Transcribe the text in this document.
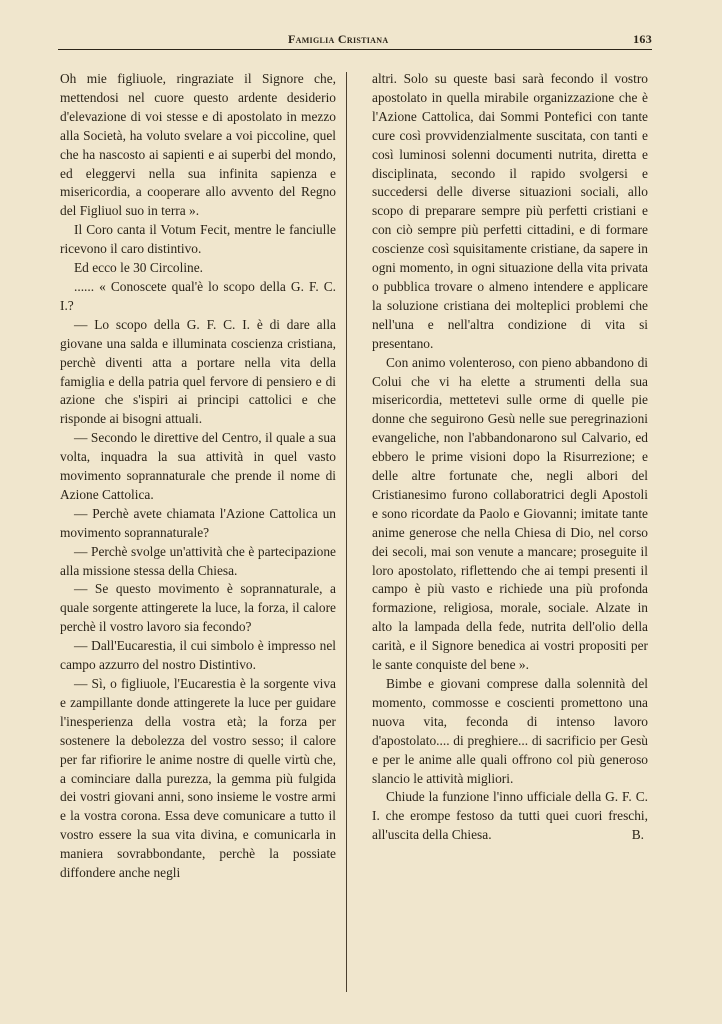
Famiglia Cristiana	163

Oh mie figliuole, ringraziate il Signore che, mettendosi nel cuore questo ardente desiderio d'elevazione di voi stesse e di apostolato in mezzo alla Società, ha voluto svelare a voi piccoline, quel che ha nascosto ai sapienti e ai superbi del mondo, ed eleggervi nella sua infinita sapienza e misericordia, a cooperare allo avvento del Regno del Figliuol suo in terra ».

Il Coro canta il Votum Fecit, mentre le fanciulle ricevono il caro distintivo.

Ed ecco le 30 Circoline.

...... « Conoscete qual'è lo scopo della G. F. C. I.?

— Lo scopo della G. F. C. I. è di dare alla giovane una salda e illuminata coscienza cristiana, perchè diventi atta a portare nella vita della famiglia e della patria quel fervore di pensiero e di azione che s'ispiri ai principi cattolici e che risponde ai bisogni attuali.

— Secondo le direttive del Centro, il quale a sua volta, inquadra la sua attività in quel vasto movimento soprannaturale che prende il nome di Azione Cattolica.

— Perchè avete chiamata l'Azione Cattolica un movimento soprannaturale?

— Perchè svolge un'attività che è partecipazione alla missione stessa della Chiesa.

— Se questo movimento è soprannaturale, a quale sorgente attingerete la luce, la forza, il calore perchè il vostro lavoro sia fecondo?

— Dall'Eucarestia, il cui simbolo è impresso nel campo azzurro del nostro Distintivo.

— Sì, o figliuole, l'Eucarestia è la sorgente viva e zampillante donde attingerete la luce per guidare l'inesperienza della vostra età; la forza per sostenere la debolezza del vostro sesso; il calore per far rifiorire le anime nostre di quelle virtù che, a cominciare dalla purezza, la gemma più fulgida dei vostri giovani anni, sono insieme le vostre armi e la vostra corona. Essa deve comunicare a tutto il vostro essere la sua vita divina, e comunicarla in maniera sovrabbondante, perchè la possiate diffondere anche negli

altri. Solo su queste basi sarà fecondo il vostro apostolato in quella mirabile organizzazione che è l'Azione Cattolica, dai Sommi Pontefici con tante cure così provvidenzialmente suscitata, con tanti e così luminosi solenni documenti nutrita, diretta e disciplinata, secondo il rapido svolgersi e succedersi delle diverse situazioni sociali, allo scopo di preparare sempre più perfetti cristiani e con ciò sempre più perfetti cittadini, e di formare coscienze così squisitamente cristiane, da sapere in ogni momento, in ogni situazione della vita privata o pubblica trovare o almeno intendere e applicare la soluzione cristiana dei molteplici problemi che nell'una e nell'altra condizione di vita si presentano.

Con animo volenteroso, con pieno abbandono di Colui che vi ha elette a strumenti della sua misericordia, mettetevi sulle orme di quelle pie donne che seguirono Gesù nelle sue peregrinazioni evangeliche, non l'abbandonarono sul Calvario, ed ebbero le prime visioni dopo la Risurrezione; e delle altre fortunate che, negli albori del Cristianesimo furono collaboratrici degli Apostoli e sono ricordate da Paolo e Giovanni; imitate tante anime generose che nella Chiesa di Dio, nel corso dei secoli, mai son venute a mancare; proseguite il loro apostolato, riflettendo che ai tempi presenti il campo è più vasto e richiede una più profonda formazione, religiosa, morale, sociale. Alzate in alto la lampada della fede, nutrita dell'olio della carità, e il Signore benedica ai vostri propositi per le sante conquiste del bene ».

Bimbe e giovani comprese dalla solennità del momento, commosse e coscienti promettono una nuova vita, feconda di intenso lavoro d'apostolato.... di preghiere... di sacrificio per Gesù e per le anime alle quali offrono col più generoso slancio le attività migliori.

Chiude la funzione l'inno ufficiale della G. F. C. I. che erompe festoso da tutti quei cuori freschi, all'uscita della Chiesa.	B.
